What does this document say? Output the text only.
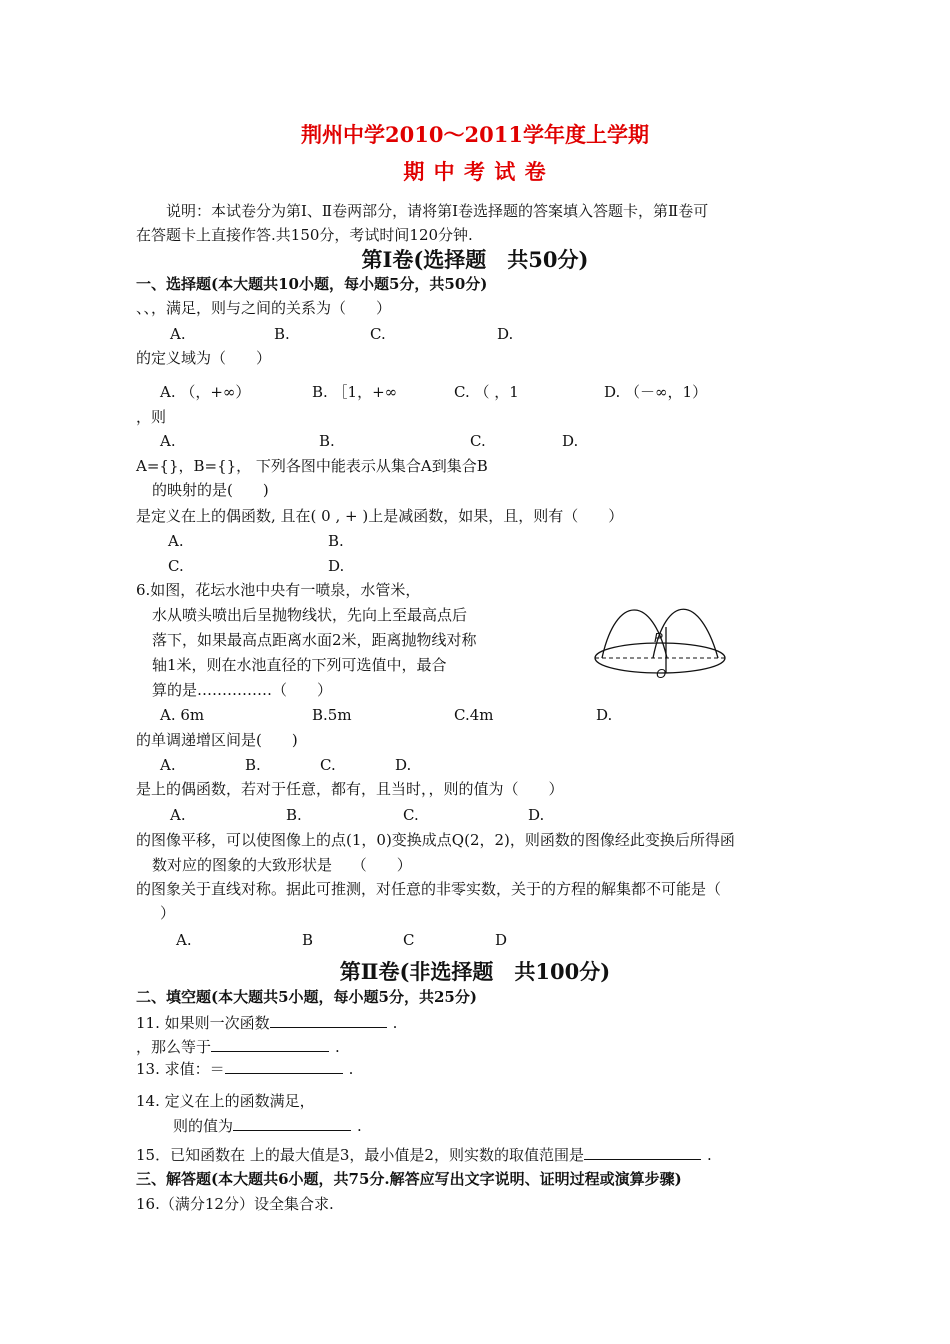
荆州中学2010～2011学年度上学期
期 中 考 试 卷
说明：本试卷分为第Ⅰ、Ⅱ卷两部分，请将第Ⅰ卷选择题的答案填入答题卡，第Ⅱ卷可
在答题卡上直接作答.共150分，考试时间120分钟.
第Ⅰ卷(选择题　共50分)
一、选择题(本大题共10小题，每小题5分，共50分)
、、，满足，则与之间的关系为（　　）
A.	B.	C.	D.
的定义域为（　　）
A. （，+∞）	B. ［1，+∞	C. （ ，1	D. （－∞，1）
，则
A.	B.	C.	D.
A={}，B={}， 下列各图中能表示从集合A到集合B
的映射的是(　　)
是定义在上的偶函数, 且在( 0 , + )上是减函数，如果，且，则有（　　）
A.	B.
C.	D.
6.如图，花坛水池中央有一喷泉，水管米，
水从喷头喷出后呈抛物线状，先向上至最高点后
落下，如果最高点距离水面2米，距离抛物线对称
轴1米，则在水池直径的下列可选值中，最合
算的是……………（　　）
P
O
A. 6m	B.5m	C.4m	D.
的单调递增区间是(　　)
A.	B.	C.	D.
是上的偶函数，若对于任意，都有，且当时，，则的值为（　　）
A.	B.	C.	D.
的图像平移，可以使图像上的点(1，0)变换成点Q(2，2)，则函数的图像经此变换后所得函
数对应的图象的大致形状是　 （　　）
的图象关于直线对称。据此可推测，对任意的非零实数，关于的方程的解集都不可能是（
）
A.	B	C	D
第Ⅱ卷(非选择题　共100分)
二、填空题(本大题共5小题，每小题5分，共25分)
11. 如果则一次函数	.
，那么等于	.
13. 求值：＝	.
14. 定义在上的函数满足，
则的值为	.
15．已知函数在 上的最大值是3，最小值是2，则实数的取值范围是	.
三、解答题(本大题共6小题，共75分.解答应写出文字说明、证明过程或演算步骤)
16.（满分12分）设全集合求.
